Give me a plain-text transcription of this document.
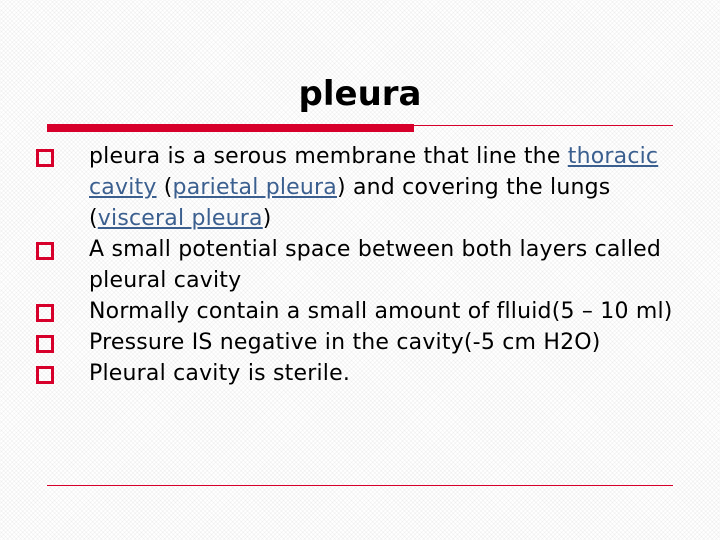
pleura
pleura is a serous membrane that line the thoracic cavity (parietal pleura) and covering the lungs (visceral pleura)
A small potential space between both layers called pleural cavity
Normally contain a small amount of flluid(5 – 10 ml)
Pressure IS negative in the cavity(-5 cm H2O)
Pleural cavity is sterile.
